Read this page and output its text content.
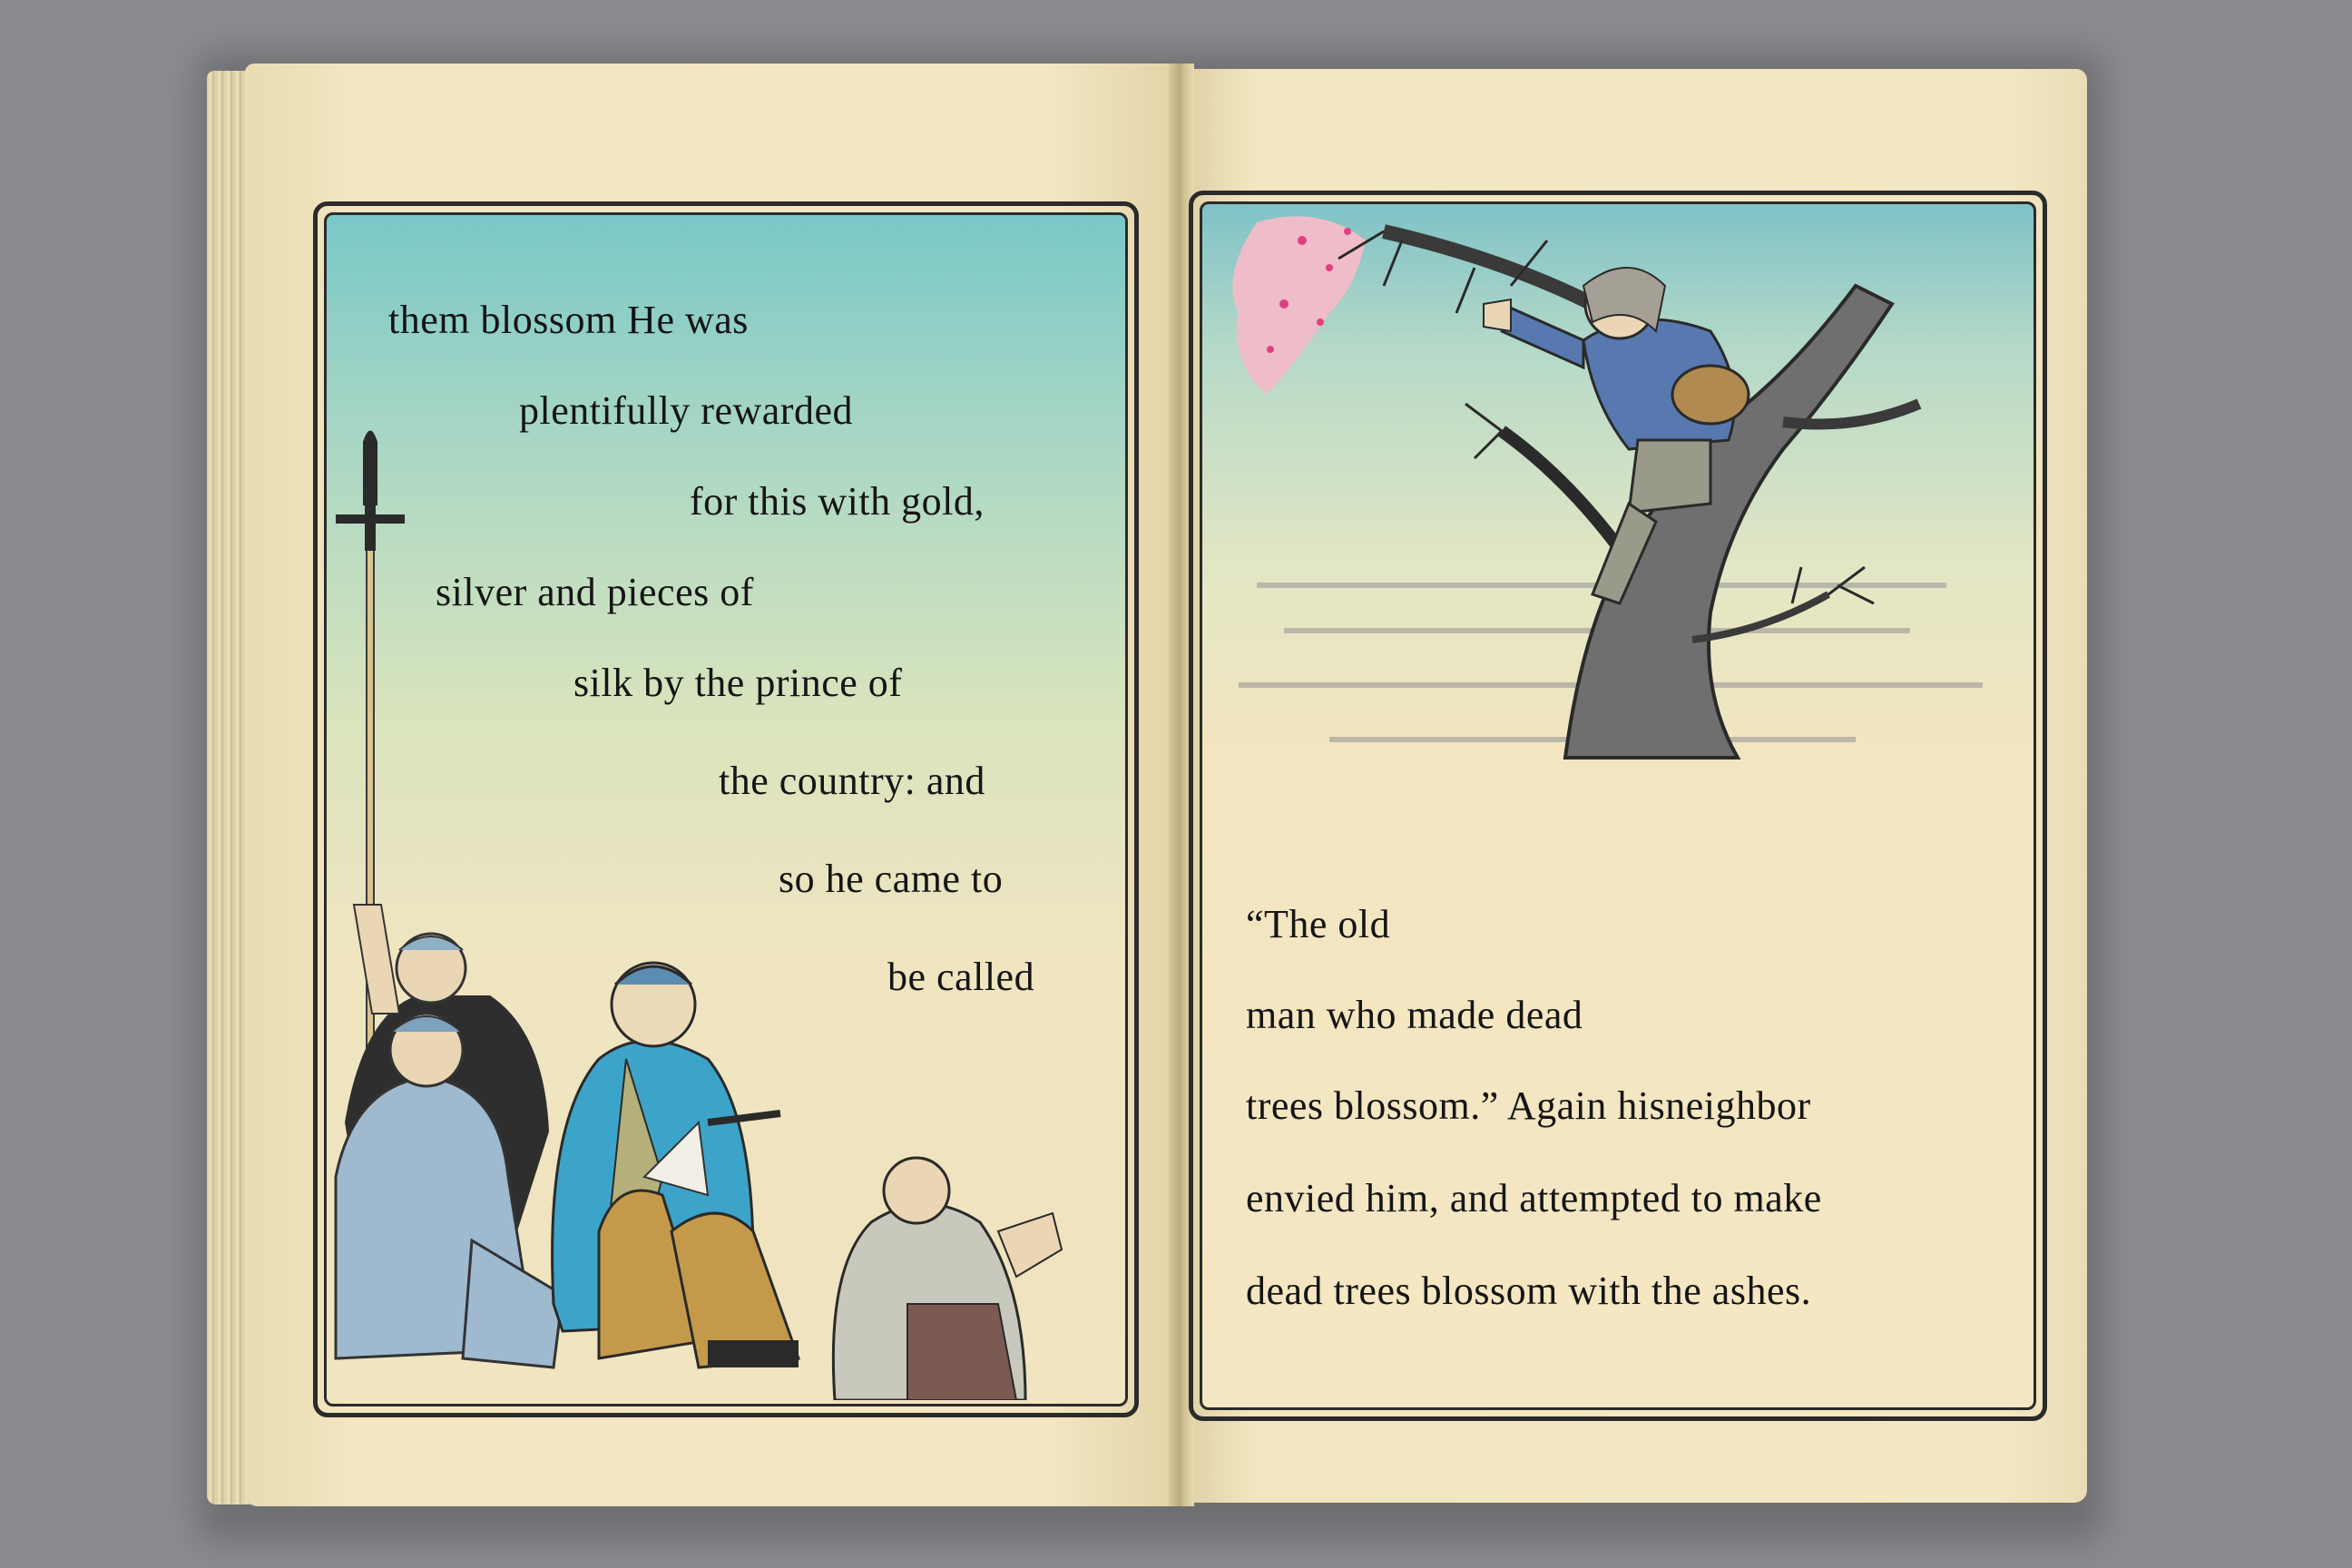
them blossom He was
plentifully rewarded
for this with gold,
silver and pieces of
silk by the prince of
the country: and
so he came to
be called
“The old
man who made dead
trees blossom.” Again hisneighbor
envied him, and attempted to make
dead trees blossom with the ashes.
